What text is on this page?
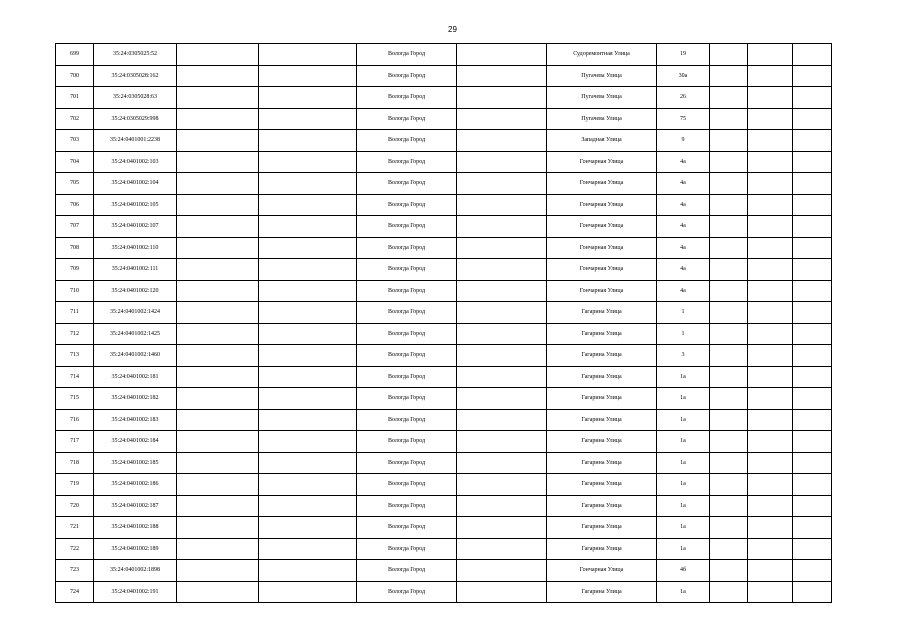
29
699	35:24:0305025:52			Вологда Город		Судоремонтная Улица	19			
700	35:24:0305028:162			Вологда Город		Пугачева Улица	30а			
701	35:24:0305028:63			Вологда Город		Пугачева Улица	26			
702	35:24:0305029:998			Вологда Город		Пугачева Улица	75			
703	35:24:0401001:2238			Вологда Город		Западная Улица	9			
704	35:24:0401002:103			Вологда Город		Гончарная Улица	4а			
705	35:24:0401002:104			Вологда Город		Гончарная Улица	4а			
706	35:24:0401002:105			Вологда Город		Гончарная Улица	4а			
707	35:24:0401002:107			Вологда Город		Гончарная Улица	4а			
708	35:24:0401002:110			Вологда Город		Гончарная Улица	4а			
709	35:24:0401002:111			Вологда Город		Гончарная Улица	4а			
710	35:24:0401002:120			Вологда Город		Гончарная Улица	4а			
711	35:24:0401002:1424			Вологда Город		Гагарина Улица	1			
712	35:24:0401002:1425			Вологда Город		Гагарина Улица	1			
713	35:24:0401002:1460			Вологда Город		Гагарина Улица	3			
714	35:24:0401002:181			Вологда Город		Гагарина Улица	1а			
715	35:24:0401002:182			Вологда Город		Гагарина Улица	1а			
716	35:24:0401002:183			Вологда Город		Гагарина Улица	1а			
717	35:24:0401002:184			Вологда Город		Гагарина Улица	1а			
718	35:24:0401002:185			Вологда Город		Гагарина Улица	1а			
719	35:24:0401002:186			Вологда Город		Гагарина Улица	1а			
720	35:24:0401002:187			Вологда Город		Гагарина Улица	1а			
721	35:24:0401002:188			Вологда Город		Гагарина Улица	1а			
722	35:24:0401002:189			Вологда Город		Гагарина Улица	1а			
723	35:24:0401002:1898			Вологда Город		Гончарная Улица	4б			
724	35:24:0401002:191			Вологда Город		Гагарина Улица	1а			
